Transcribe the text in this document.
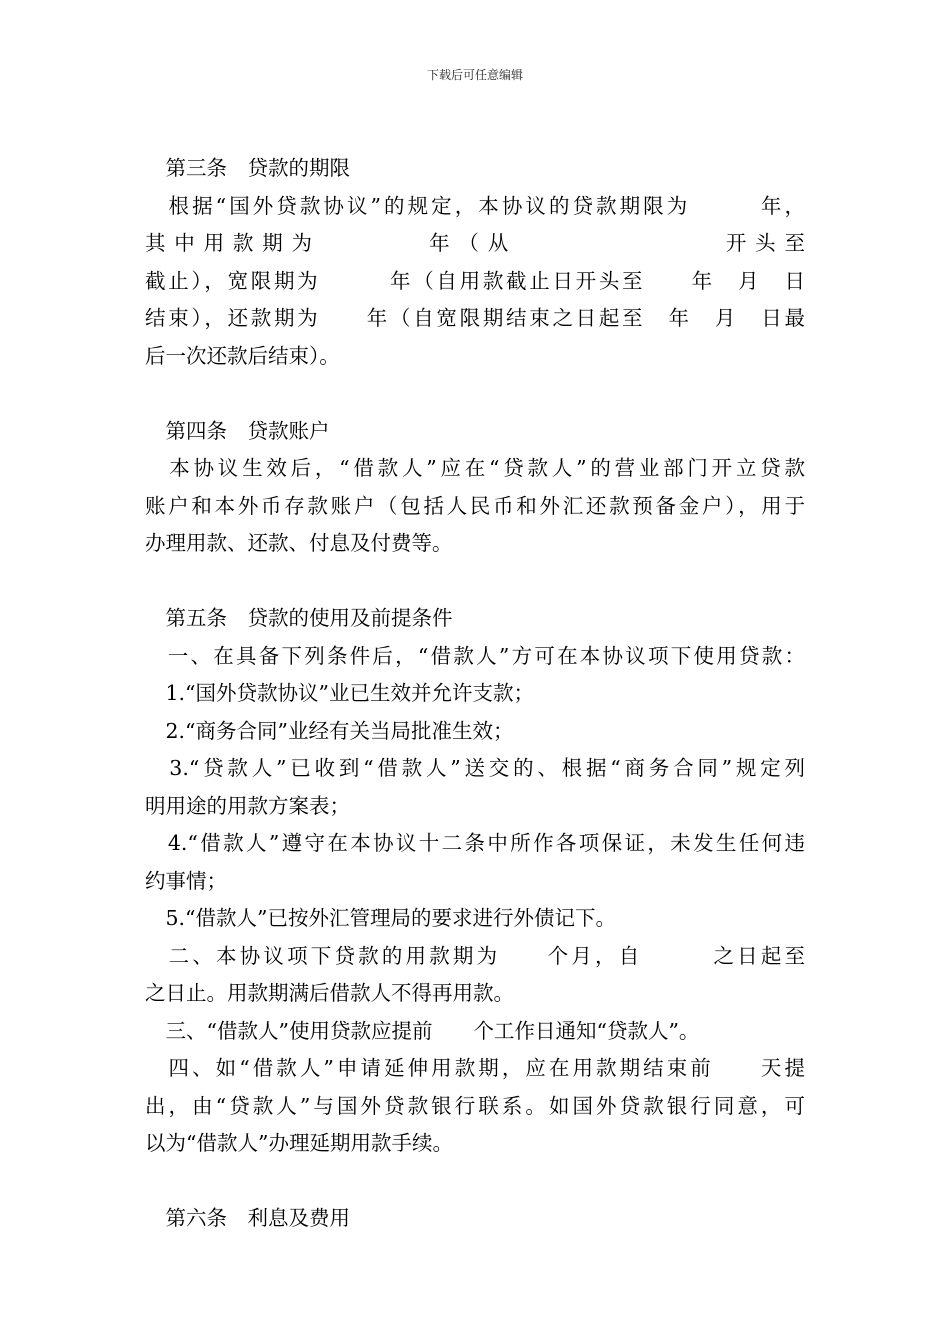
下载后可任意编辑
　第三条　贷款的期限
　根据“国外贷款协议”的规定，本协议的贷款期限为　　　年，
其 中 用 款 期 为 　　　　　年 （ 从　　　　　　　　　　开 头 至
截止），宽限期为　　　年（自用款截止日开头至　　年　月　日
结束），还款期为　　年（自宽限期结束之日起至　年　月　日最
后一次还款后结束）。
　第四条　贷款账户
　本协议生效后，“借款人”应在“贷款人”的营业部门开立贷款
账户和本外币存款账户（包括人民币和外汇还款预备金户），用于
办理用款、还款、付息及付费等。
　第五条　贷款的使用及前提条件
　一、在具备下列条件后，“借款人”方可在本协议项下使用贷款：
　1.“国外贷款协议”业已生效并允许支款；
　2.“商务合同”业经有关当局批准生效；
　3.“贷款人”已收到“借款人”送交的、根据“商务合同”规定列
明用途的用款方案表；
　4.“借款人”遵守在本协议十二条中所作各项保证，未发生任何违
约事情；
　5.“借款人”已按外汇管理局的要求进行外债记下。
　二、本协议项下贷款的用款期为　　个月，自　　　之日起至
之日止。用款期满后借款人不得再用款。
　三、“借款人”使用贷款应提前　　个工作日通知“贷款人”。
　四、如“借款人”申请延伸用款期，应在用款期结束前　　天提
出，由“贷款人”与国外贷款银行联系。如国外贷款银行同意，可
以为“借款人”办理延期用款手续。
　第六条　利息及费用
